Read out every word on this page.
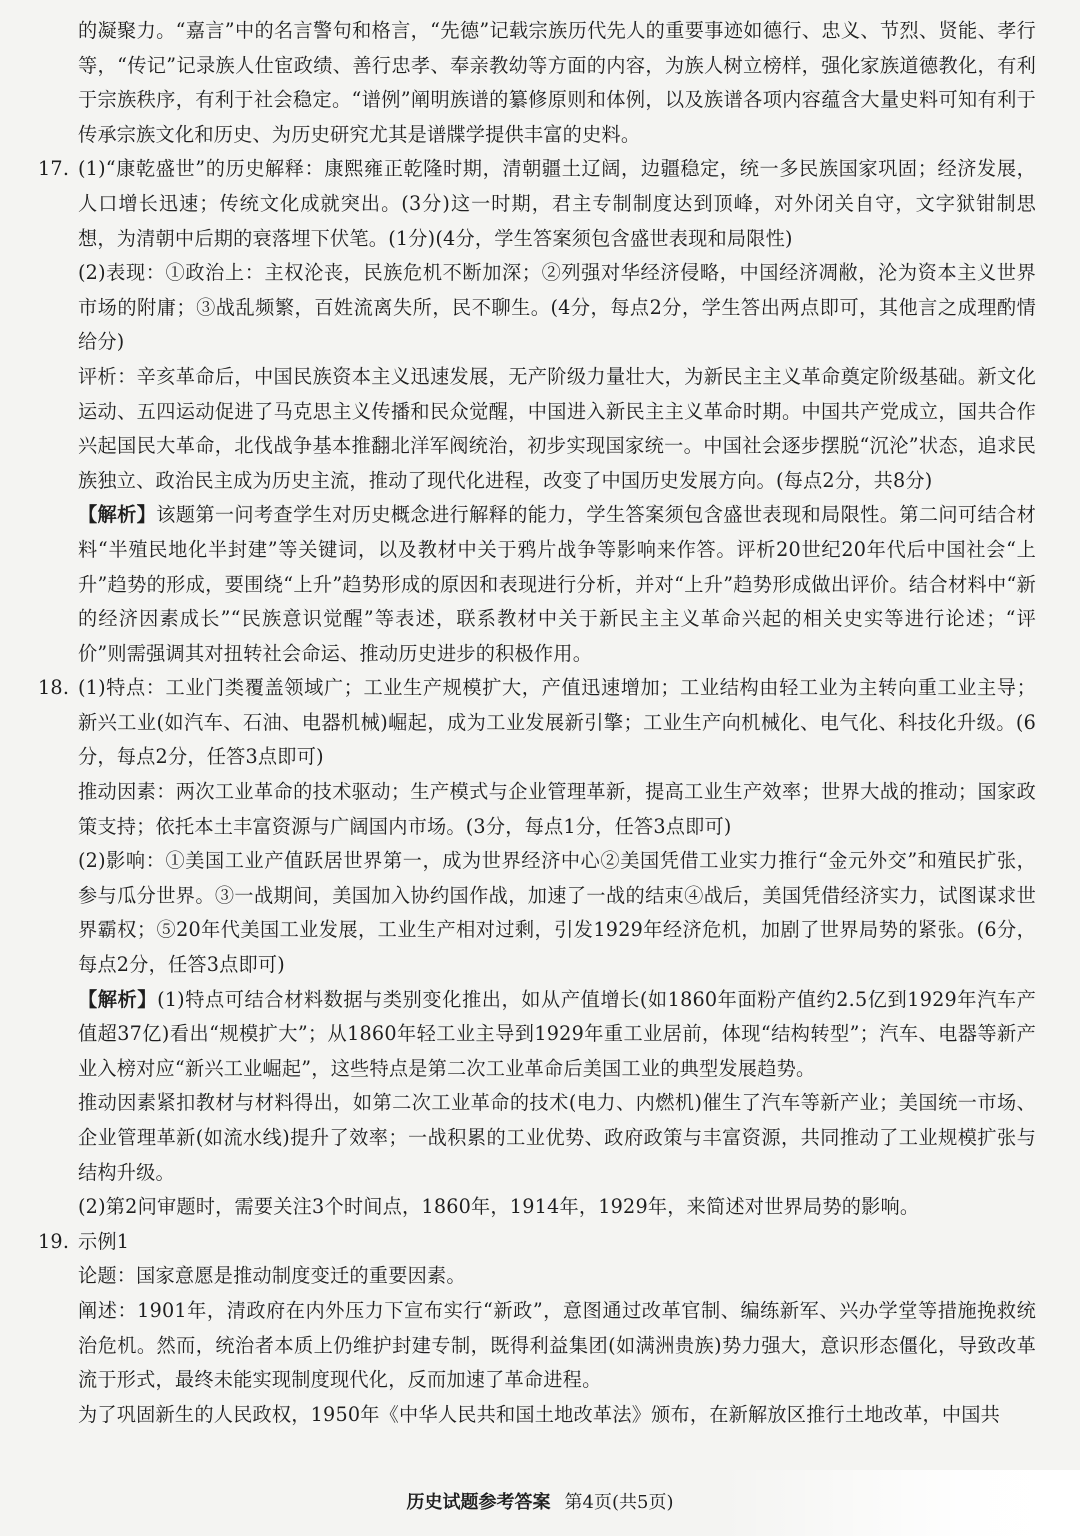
的凝聚力。“嘉言”中的名言警句和格言，“先德”记载宗族历代先人的重要事迹如德行、忠义、节烈、贤能、孝行等，“传记”记录族人仕宦政绩、善行忠孝、奉亲教幼等方面的内容，为族人树立榜样，强化家族道德教化，有利于宗族秩序，有利于社会稳定。“谱例”阐明族谱的纂修原则和体例，以及族谱各项内容蕴含大量史料可知有利于传承宗族文化和历史、为历史研究尤其是谱牒学提供丰富的史料。

17. (1)“康乾盛世”的历史解释：康熙雍正乾隆时期，清朝疆土辽阔，边疆稳定，统一多民族国家巩固；经济发展，人口增长迅速；传统文化成就突出。(3分)这一时期，君主专制制度达到顶峰，对外闭关自守，文字狱钳制思想，为清朝中后期的衰落埋下伏笔。(1分)(4分，学生答案须包含盛世表现和局限性)

(2)表现：①政治上：主权沦丧，民族危机不断加深；②列强对华经济侵略，中国经济凋敝，沦为资本主义世界市场的附庸；③战乱频繁，百姓流离失所，民不聊生。(4分，每点2分，学生答出两点即可，其他言之成理酌情给分)

评析：辛亥革命后，中国民族资本主义迅速发展，无产阶级力量壮大，为新民主主义革命奠定阶级基础。新文化运动、五四运动促进了马克思主义传播和民众觉醒，中国进入新民主主义革命时期。中国共产党成立，国共合作兴起国民大革命，北伐战争基本推翻北洋军阀统治，初步实现国家统一。中国社会逐步摆脱“沉沦”状态，追求民族独立、政治民主成为历史主流，推动了现代化进程，改变了中国历史发展方向。(每点2分，共8分)

【解析】该题第一问考查学生对历史概念进行解释的能力，学生答案须包含盛世表现和局限性。第二问可结合材料“半殖民地化半封建”等关键词，以及教材中关于鸦片战争等影响来作答。评析20世纪20年代后中国社会“上升”趋势的形成，要围绕“上升”趋势形成的原因和表现进行分析，并对“上升”趋势形成做出评价。结合材料中“新的经济因素成长”“民族意识觉醒”等表述，联系教材中关于新民主主义革命兴起的相关史实等进行论述；“评价”则需强调其对扭转社会命运、推动历史进步的积极作用。

18. (1)特点：工业门类覆盖领域广；工业生产规模扩大，产值迅速增加；工业结构由轻工业为主转向重工业主导；新兴工业(如汽车、石油、电器机械)崛起，成为工业发展新引擎；工业生产向机械化、电气化、科技化升级。(6分，每点2分，任答3点即可)

推动因素：两次工业革命的技术驱动；生产模式与企业管理革新，提高工业生产效率；世界大战的推动；国家政策支持；依托本土丰富资源与广阔国内市场。(3分，每点1分，任答3点即可)

(2)影响：①美国工业产值跃居世界第一，成为世界经济中心②美国凭借工业实力推行“金元外交”和殖民扩张，参与瓜分世界。③一战期间，美国加入协约国作战，加速了一战的结束④战后，美国凭借经济实力，试图谋求世界霸权；⑤20年代美国工业发展，工业生产相对过剩，引发1929年经济危机，加剧了世界局势的紧张。(6分，每点2分，任答3点即可)

【解析】(1)特点可结合材料数据与类别变化推出，如从产值增长(如1860年面粉产值约2.5亿到1929年汽车产值超37亿)看出“规模扩大”；从1860年轻工业主导到1929年重工业居前，体现“结构转型”；汽车、电器等新产业入榜对应“新兴工业崛起”，这些特点是第二次工业革命后美国工业的典型发展趋势。

推动因素紧扣教材与材料得出，如第二次工业革命的技术(电力、内燃机)催生了汽车等新产业；美国统一市场、企业管理革新(如流水线)提升了效率；一战积累的工业优势、政府政策与丰富资源，共同推动了工业规模扩张与结构升级。

(2)第2问审题时，需要关注3个时间点，1860年，1914年，1929年，来简述对世界局势的影响。

19. 示例1

论题：国家意愿是推动制度变迁的重要因素。

阐述：1901年，清政府在内外压力下宣布实行“新政”，意图通过改革官制、编练新军、兴办学堂等措施挽救统治危机。然而，统治者本质上仍维护封建专制，既得利益集团(如满洲贵族)势力强大，意识形态僵化，导致改革流于形式，最终未能实现制度现代化，反而加速了革命进程。

为了巩固新生的人民政权，1950年《中华人民共和国土地改革法》颁布，在新解放区推行土地改革，中国共

历史试题参考答案 第4页(共5页)
